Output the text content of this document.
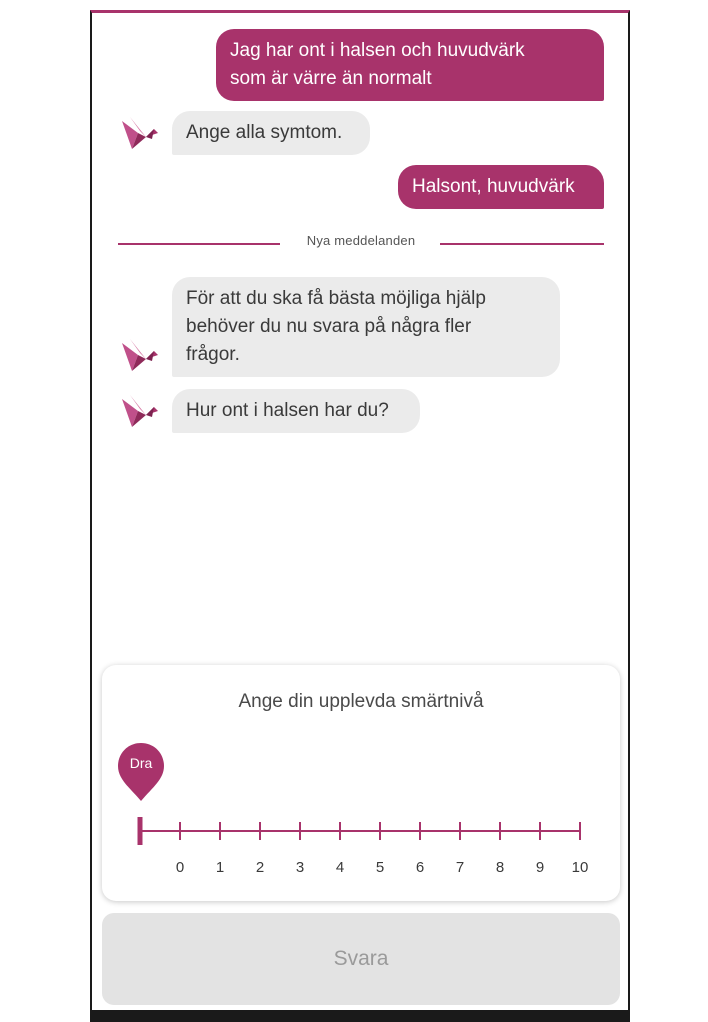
Jag har ont i halsen och huvudvärk
som är värre än normalt
Ange alla symtom.
Halsont, huvudvärk
Nya meddelanden
För att du ska få bästa möjliga hjälp
behöver du nu svara på några fler
frågor.
Hur ont i halsen har du?
Ange din upplevda smärtnivå
Dra
0	1	2	3	4	5	6	7	8	9	10
Svara
